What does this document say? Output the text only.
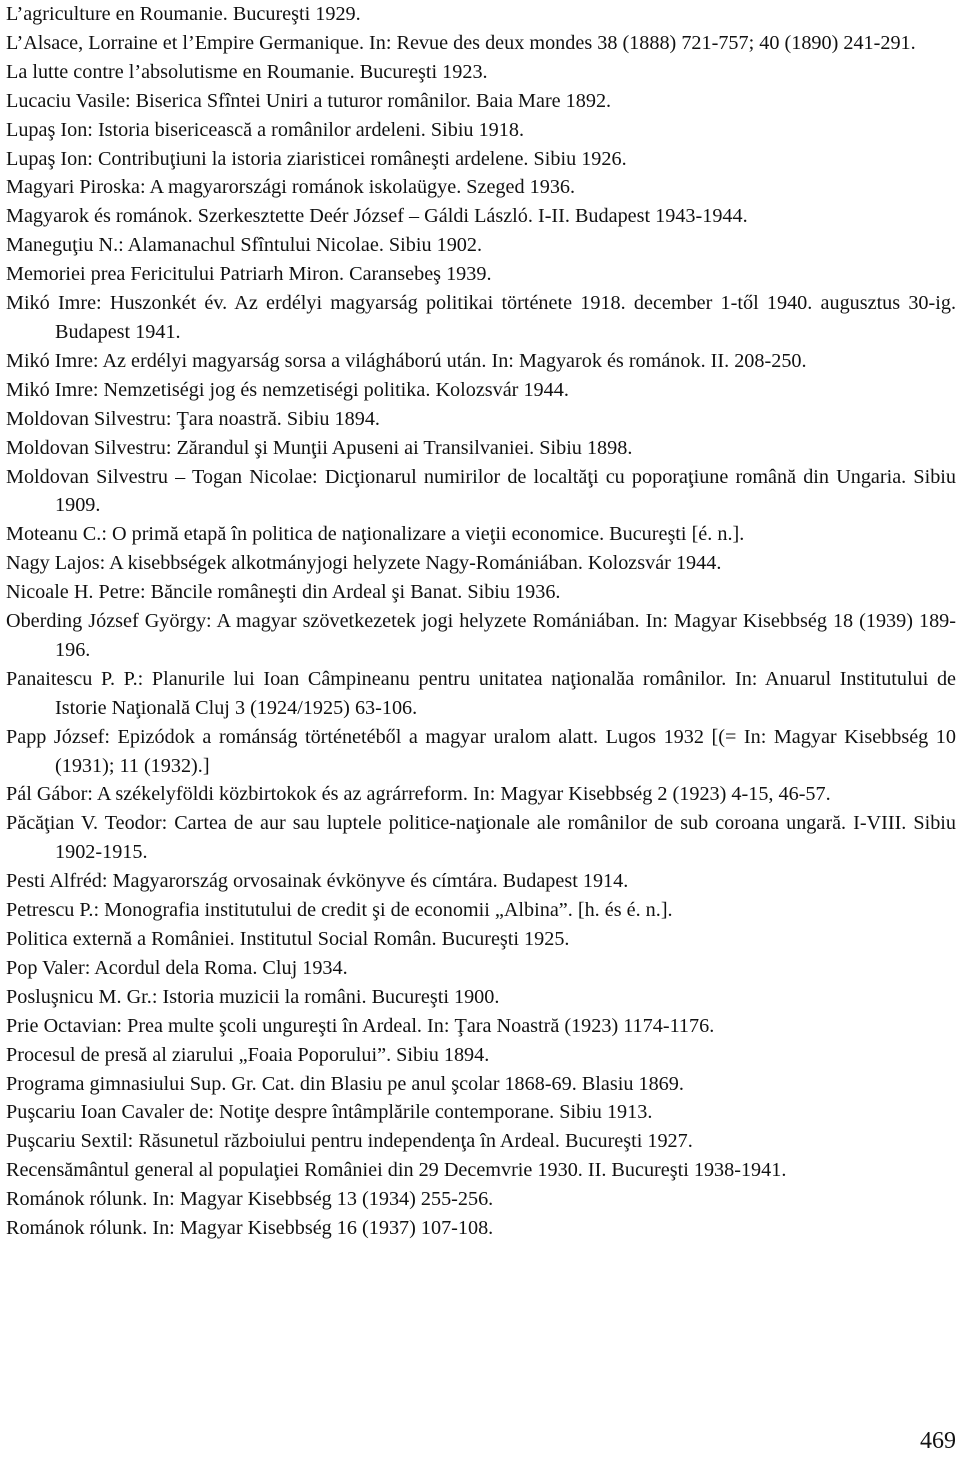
L’agriculture en Roumanie. Bucureşti 1929.
L’Alsace, Lorraine et l’Empire Germanique. In: Revue des deux mondes 38 (1888) 721-757; 40 (1890) 241-291.
La lutte contre l’absolutisme en Roumanie. Bucureşti 1923.
Lucaciu Vasile: Biserica Sfîntei Uniri a tuturor românilor. Baia Mare 1892.
Lupaş Ion: Istoria bisericească a românilor ardeleni. Sibiu 1918.
Lupaş Ion: Contribuţiuni la istoria ziaristicei româneşti ardelene. Sibiu 1926.
Magyari Piroska: A magyarországi románok iskolaügye. Szeged 1936.
Magyarok és románok. Szerkesztette Deér József – Gáldi László. I-II. Budapest 1943-1944.
Maneguţiu N.: Alamanachul Sfîntului Nicolae. Sibiu 1902.
Memoriei prea Fericitului Patriarh Miron. Caransebeş 1939.
Mikó Imre: Huszonkét év. Az erdélyi magyarság politikai története 1918. december 1-től 1940. augusztus 30-ig. Budapest 1941.
Mikó Imre: Az erdélyi magyarság sorsa a világháború után. In: Magyarok és románok. II. 208-250.
Mikó Imre: Nemzetiségi jog és nemzetiségi politika. Kolozsvár 1944.
Moldovan Silvestru: Ţara noastră. Sibiu 1894.
Moldovan Silvestru: Zărandul şi Munţii Apuseni ai Transilvaniei. Sibiu 1898.
Moldovan Silvestru – Togan Nicolae: Dicţionarul numirilor de localtăţi cu poporaţiune română din Ungaria. Sibiu 1909.
Moteanu C.: O primă etapă în politica de naţionalizare a vieţii economice. Bucureşti [é. n.].
Nagy Lajos: A kisebbségek alkotmányjogi helyzete Nagy-Romániában. Kolozsvár 1944.
Nicoale H. Petre: Băncile româneşti din Ardeal şi Banat. Sibiu 1936.
Oberding József György: A magyar szövetkezetek jogi helyzete Romániában. In: Magyar Kisebbség 18 (1939) 189-196.
Panaitescu P. P.: Planurile lui Ioan Câmpineanu pentru unitatea naţionalăa românilor. In: Anuarul Institutului de Istorie Naţională Cluj 3 (1924/1925) 63-106.
Papp József: Epizódok a románság történetéből a magyar uralom alatt. Lugos 1932 [(= In: Magyar Kisebbség 10 (1931); 11 (1932).]
Pál Gábor: A székelyföldi közbirtokok és az agrárreform. In: Magyar Kisebbség 2 (1923) 4-15, 46-57.
Păcăţian V. Teodor: Cartea de aur sau luptele politice-naţionale ale românilor de sub coroana ungară. I-VIII. Sibiu 1902-1915.
Pesti Alfréd: Magyarország orvosainak évkönyve és címtára. Budapest 1914.
Petrescu P.: Monografia institutului de credit şi de economii „Albina”. [h. és é. n.].
Politica externă a României. Institutul Social Român. Bucureşti 1925.
Pop Valer: Acordul dela Roma. Cluj 1934.
Posluşnicu M. Gr.: Istoria muzicii la români. Bucureşti 1900.
Prie Octavian: Prea multe şcoli ungureşti în Ardeal. In: Ţara Noastră (1923) 1174-1176.
Procesul de presă al ziarului „Foaia Poporului”. Sibiu 1894.
Programa gimnasiului Sup. Gr. Cat. din Blasiu pe anul şcolar 1868-69. Blasiu 1869.
Puşcariu Ioan Cavaler de: Notiţe despre întâmplările contemporane. Sibiu 1913.
Puşcariu Sextil: Răsunetul războiului pentru independenţa în Ardeal. Bucureşti 1927.
Recensământul general al populaţiei României din 29 Decemvrie 1930. II. Bucureşti 1938-1941.
Románok rólunk. In: Magyar Kisebbség 13 (1934) 255-256.
Románok rólunk. In: Magyar Kisebbség 16 (1937) 107-108.
469
